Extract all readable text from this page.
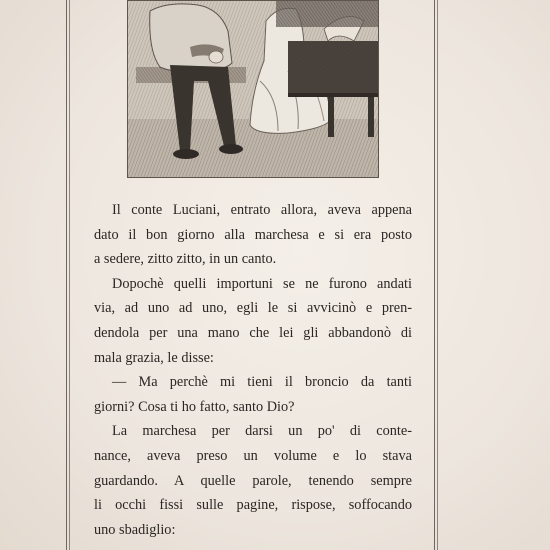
Il conte Luciani, entrato allora, aveva appena

dato il bon giorno alla marchesa e si era posto

a sedere, zitto zitto, in un canto.

Dopochè quelli importuni se ne furono andati

via, ad uno ad uno, egli le si avvicinò e pren-

dendola per una mano che lei gli abbandonò di

mala grazia, le disse:

— Ma perchè mi tieni il broncio da tanti

giorni? Cosa ti ho fatto, santo Dio?

La marchesa per darsi un po' di conte-

nance, aveva preso un volume e lo stava

guardando. A quelle parole, tenendo sempre

li occhi fissi sulle pagine, rispose, soffocando

uno sbadiglio:
